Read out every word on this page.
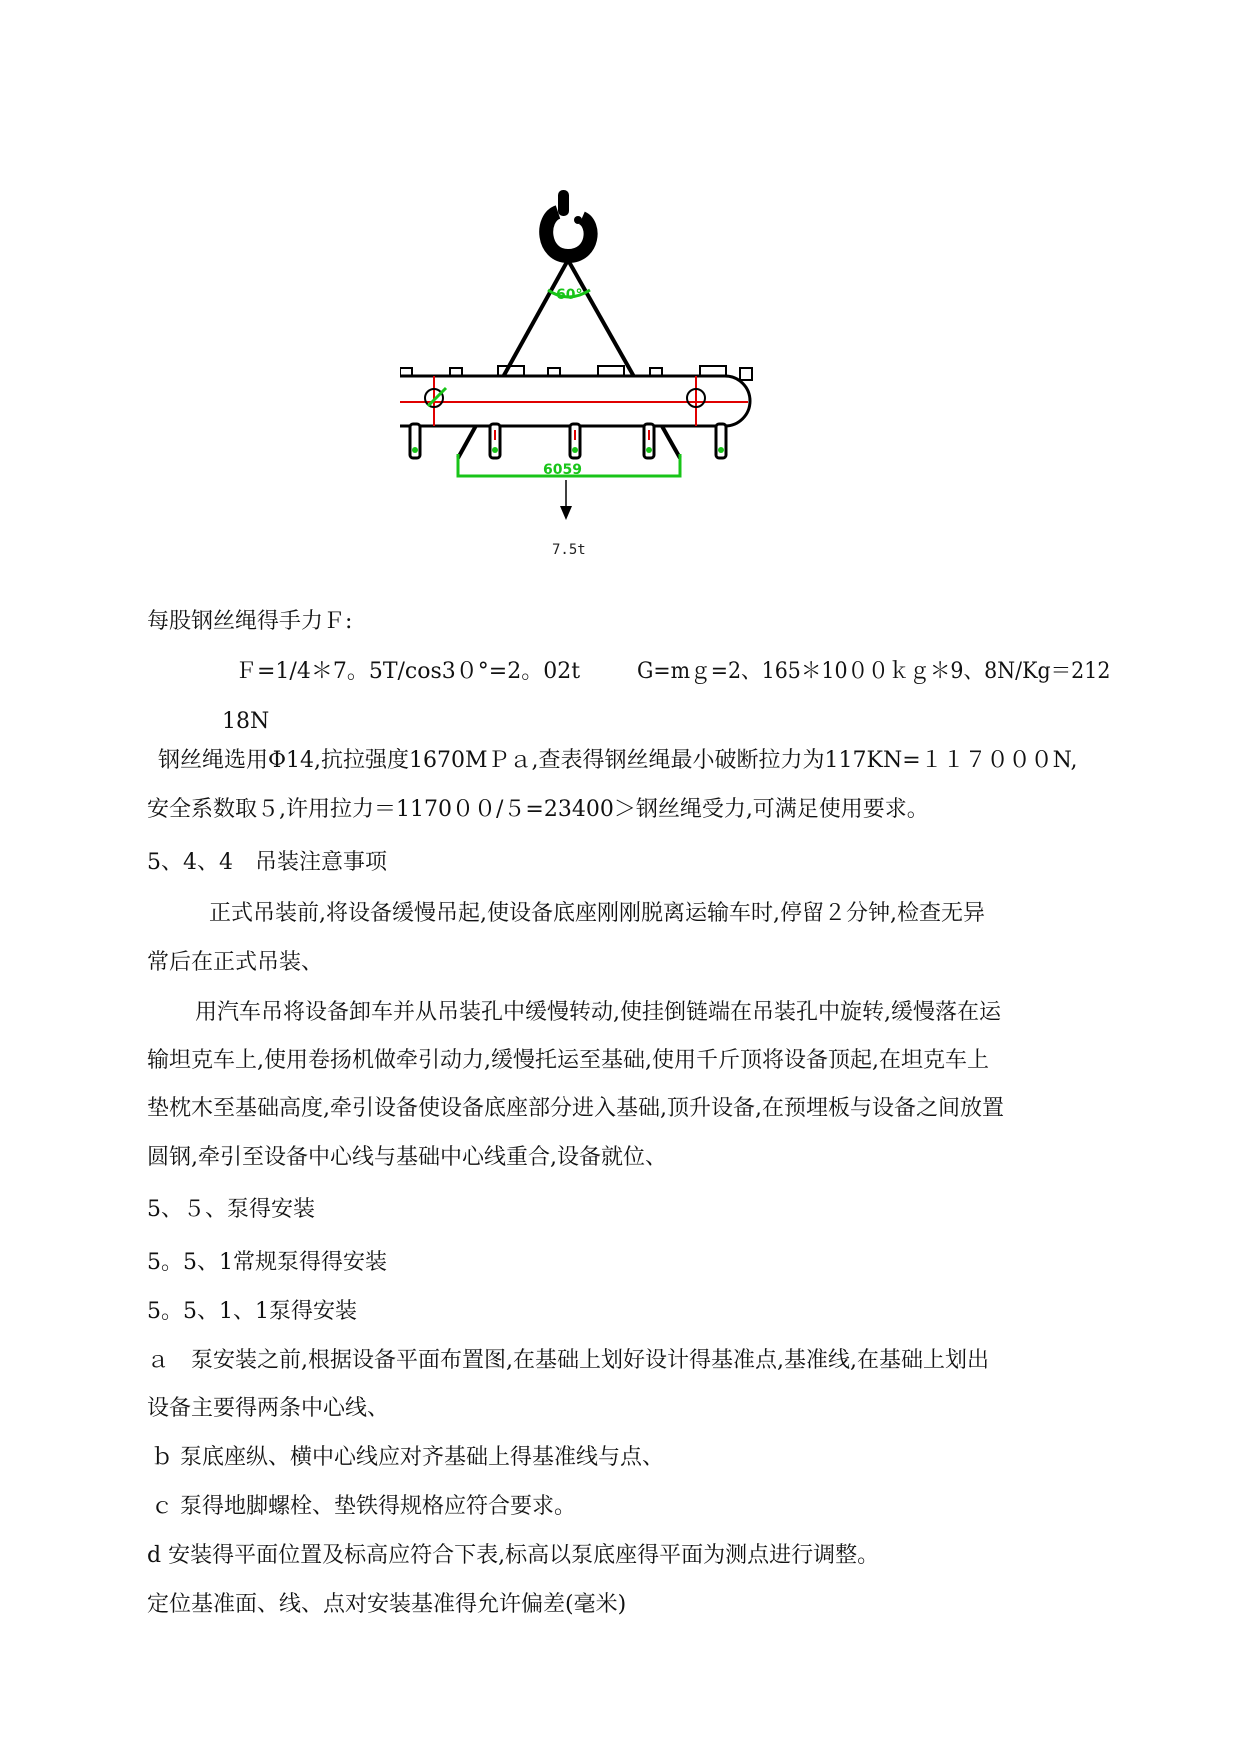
60°
6059
7.5t
每股钢丝绳得手力Ｆ:
Ｆ=1/4＊7。5T/cos3０°=2。02t	G=mｇ=2、165＊10００ｋｇ＊9、8N/Kg＝212
18N
钢丝绳选用Φ14,抗拉强度1670MＰａ,查表得钢丝绳最小破断拉力为117KN=１１７０００N,
安全系数取５,许用拉力＝1170００/５=23400＞钢丝绳受力,可满足使用要求。
5、4、4　吊装注意事项
正式吊装前,将设备缓慢吊起,使设备底座刚刚脱离运输车时,停留２分钟,检查无异
常后在正式吊装、
用汽车吊将设备卸车并从吊装孔中缓慢转动,使挂倒链端在吊装孔中旋转,缓慢落在运
输坦克车上,使用卷扬机做牵引动力,缓慢托运至基础,使用千斤顶将设备顶起,在坦克车上
垫枕木至基础高度,牵引设备使设备底座部分进入基础,顶升设备,在预埋板与设备之间放置
圆钢,牵引至设备中心线与基础中心线重合,设备就位、
5、５、泵得安装
5。5、1常规泵得得安装
5。5、1、1泵得安装
ａ　泵安装之前,根据设备平面布置图,在基础上划好设计得基准点,基准线,在基础上划出
设备主要得两条中心线、
ｂ 泵底座纵、横中心线应对齐基础上得基准线与点、
ｃ 泵得地脚螺栓、垫铁得规格应符合要求。
d 安装得平面位置及标高应符合下表,标高以泵底座得平面为测点进行调整。
定位基准面、线、点对安装基准得允许偏差(毫米)
